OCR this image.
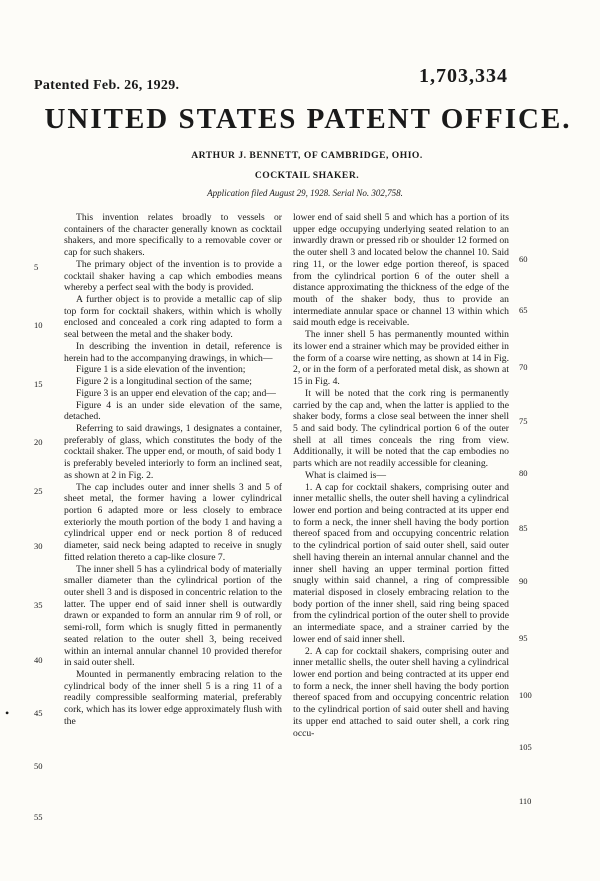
Patented Feb. 26, 1929.	1,703,334
UNITED STATES PATENT OFFICE.
ARTHUR J. BENNETT, OF CAMBRIDGE, OHIO.
COCKTAIL SHAKER.
Application filed August 29, 1928. Serial No. 302,758.

This invention relates broadly to vessels or containers of the character generally known as cocktail shakers, and more specifically to a removable cover or cap for such shakers.

The primary object of the invention is to provide a cocktail shaker having a cap which embodies means whereby a perfect seal with the body is provided.

A further object is to provide a metallic cap of slip top form for cocktail shakers, within which is wholly enclosed and concealed a cork ring adapted to form a seal between the metal and the shaker body.

In describing the invention in detail, reference is herein had to the accompanying drawings, in which—

Figure 1 is a side elevation of the invention;

Figure 2 is a longitudinal section of the same;

Figure 3 is an upper end elevation of the cap; and—

Figure 4 is an under side elevation of the same, detached.

Referring to said drawings, 1 designates a container, preferably of glass, which constitutes the body of the cocktail shaker. The upper end, or mouth, of said body 1 is preferably beveled interiorly to form an inclined seat, as shown at 2 in Fig. 2.

The cap includes outer and inner shells 3 and 5 of sheet metal, the former having a lower cylindrical portion 6 adapted more or less closely to embrace exteriorly the mouth portion of the body 1 and having a cylindrical upper end or neck portion 8 of reduced diameter, said neck being adapted to receive in snugly fitted relation thereto a cap-like closure 7.

The inner shell 5 has a cylindrical body of materially smaller diameter than the cylindrical portion of the outer shell 3 and is disposed in concentric relation to the latter. The upper end of said inner shell is outwardly drawn or expanded to form an annular rim 9 of roll, or semi-roll, form which is snugly fitted in permanently seated relation to the outer shell 3, being received within an internal annular channel 10 provided therefor in said outer shell.

Mounted in permanently embracing relation to the cylindrical body of the inner shell 5 is a ring 11 of a readily compressible sealforming material, preferably cork, which has its lower edge approximately flush with the

lower end of said shell 5 and which has a portion of its upper edge occupying underlying seated relation to an inwardly drawn or pressed rib or shoulder 12 formed on the outer shell 3 and located below the channel 10. Said ring 11, or the lower edge portion thereof, is spaced from the cylindrical portion 6 of the outer shell a distance approximating the thickness of the edge of the mouth of the shaker body, thus to provide an intermediate annular space or channel 13 within which said mouth edge is receivable.

The inner shell 5 has permanently mounted within its lower end a strainer which may be provided either in the form of a coarse wire netting, as shown at 14 in Fig. 2, or in the form of a perforated metal disk, as shown at 15 in Fig. 4.

It will be noted that the cork ring is permanently carried by the cap and, when the latter is applied to the shaker body, forms a close seal between the inner shell 5 and said body. The cylindrical portion 6 of the outer shell at all times conceals the ring from view. Additionally, it will be noted that the cap embodies no parts which are not readily accessible for cleaning.

What is claimed is—

1. A cap for cocktail shakers, comprising outer and inner metallic shells, the outer shell having a cylindrical lower end portion and being contracted at its upper end to form a neck, the inner shell having the body portion thereof spaced from and occupying concentric relation to the cylindrical portion of said outer shell, said outer shell having therein an internal annular channel and the inner shell having an upper terminal portion fitted snugly within said channel, a ring of compressible material disposed in closely embracing relation to the body portion of the inner shell, said ring being spaced from the cylindrical portion of the outer shell to provide an intermediate space, and a strainer carried by the lower end of said inner shell.

2. A cap for cocktail shakers, comprising outer and inner metallic shells, the outer shell having a cylindrical lower end portion and being contracted at its upper end to form a neck, the inner shell having the body portion thereof spaced from and occupying concentric relation to the cylindrical portion of said outer shell and having its upper end attached to said outer shell, a cork ring occu-

5
10
15
20
25
30
35
40
45
50
55
60
65
70
75
80
85
90
95
100
105
110
•
